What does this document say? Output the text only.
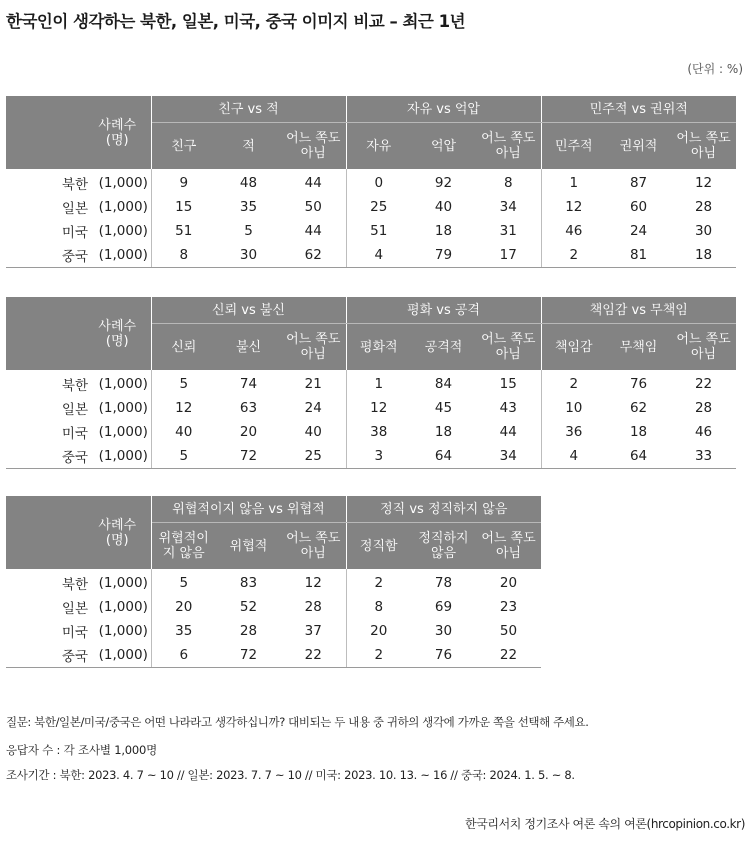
한국인이 생각하는 북한, 일본, 미국, 중국 이미지 비교 – 최근 1년
(단위 : %)
사례수
(명)		친구 vs 적			자유 vs 억압			민주적 vs 권위적		
		친구	적	어느 쪽도 아님	자유	억압	어느 쪽도 아님	민주적	권위적	어느 쪽도 아님
북한	(1,000)	9	48	44	0	92	8	1	87	12
일본	(1,000)	15	35	50	25	40	34	12	60	28
미국	(1,000)	51	5	44	51	18	31	46	24	30
중국	(1,000)	8	30	62	4	79	17	2	81	18
사례수
(명)		신뢰 vs 불신			평화 vs 공격			책임감 vs 무책임		
		신뢰	불신	어느 쪽도 아님	평화적	공격적	어느 쪽도 아님	책임감	무책임	어느 쪽도 아님
북한	(1,000)	5	74	21	1	84	15	2	76	22
일본	(1,000)	12	63	24	12	45	43	10	62	28
미국	(1,000)	40	20	40	38	18	44	36	18	46
중국	(1,000)	5	72	25	3	64	34	4	64	33
사례수
(명)		위협적이지 않음 vs 위협적			정직 vs 정직하지 않음		
		위협적이지 않음	위협적	어느 쪽도 아님	정직함	정직하지 않음	어느 쪽도 아님
북한	(1,000)	5	83	12	2	78	20
일본	(1,000)	20	52	28	8	69	23
미국	(1,000)	35	28	37	20	30	50
중국	(1,000)	6	72	22	2	76	22
질문: 북한/일본/미국/중국은 어떤 나라라고 생각하십니까? 대비되는 두 내용 중 귀하의 생각에 가까운 쪽을 선택해 주세요.
응답자 수 : 각 조사별 1,000명
조사기간 : 북한: 2023. 4. 7 ~ 10 // 일본: 2023. 7. 7 ~ 10 // 미국: 2023. 10. 13. ~ 16 // 중국: 2024. 1. 5. ~ 8.
한국리서치 정기조사 여론 속의 여론(hrcopinion.co.kr)
